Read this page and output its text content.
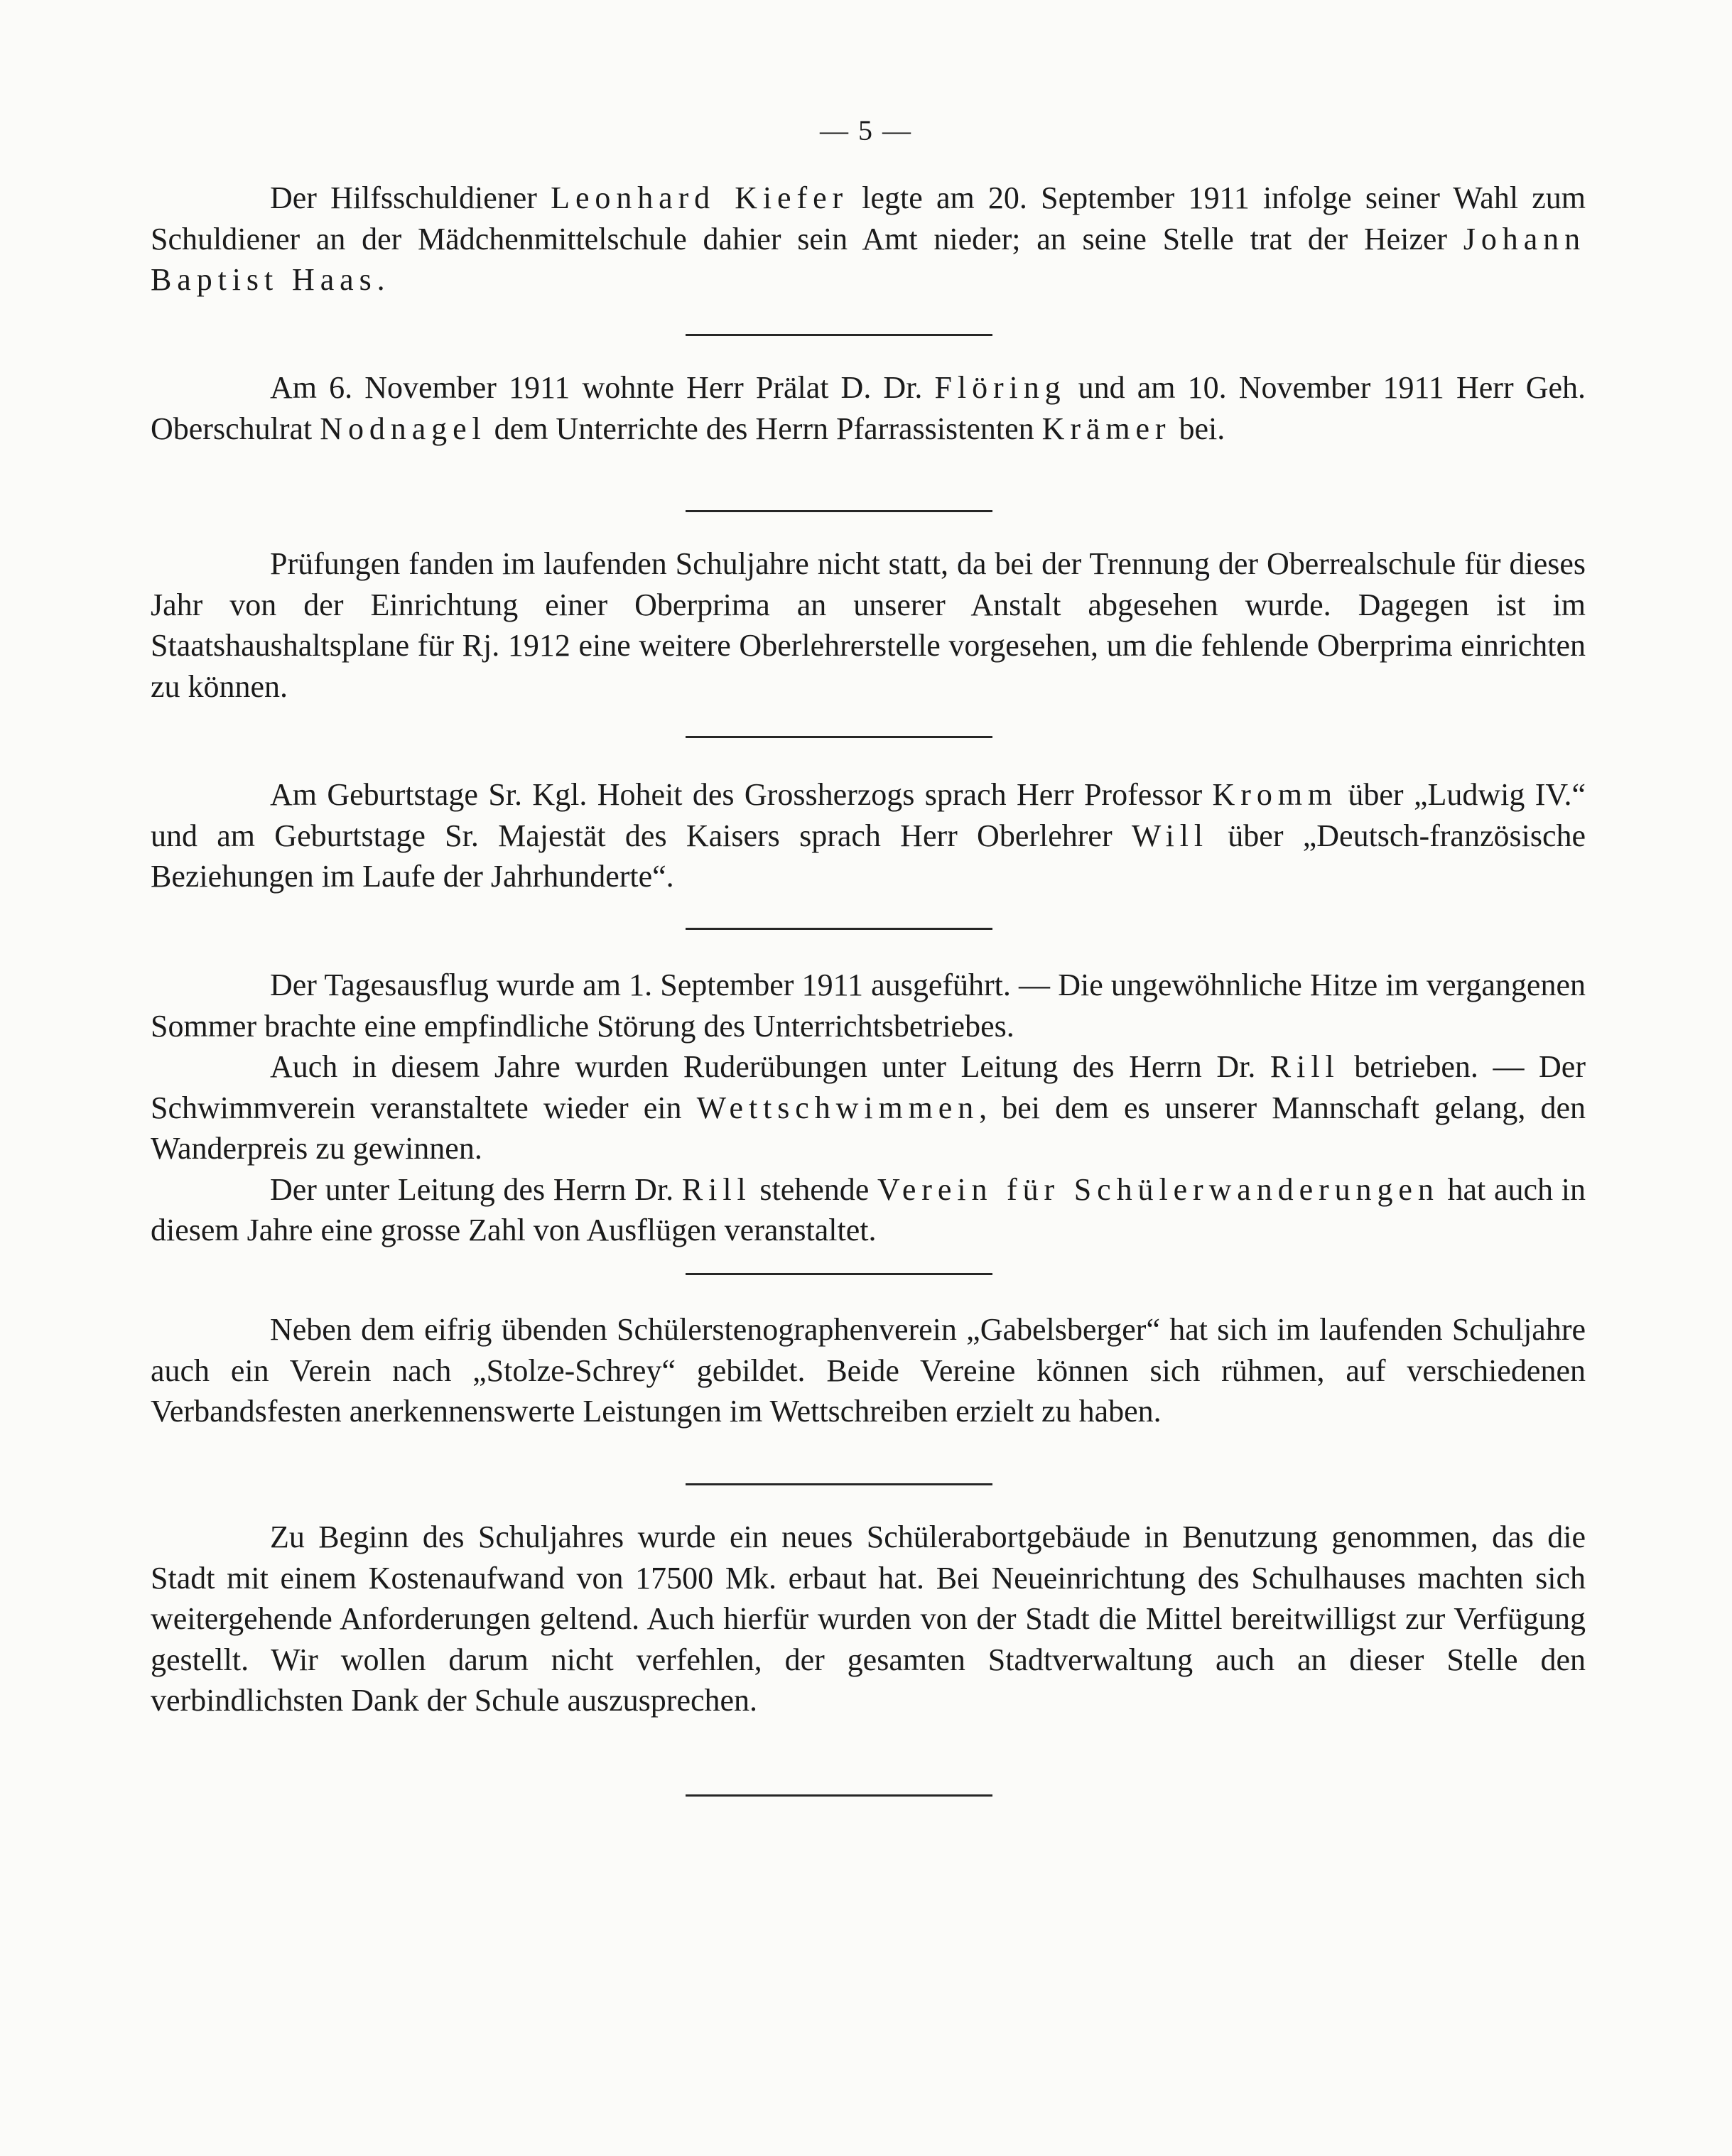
— 5 —

Der Hilfsschuldiener Leonhard Kiefer legte am 20. September 1911 infolge seiner Wahl zum Schuldiener an der Mädchenmittelschule dahier sein Amt nieder; an seine Stelle trat der Heizer Johann Baptist Haas.

Am 6. November 1911 wohnte Herr Prälat D. Dr. Flöring und am 10. November 1911 Herr Geh. Oberschulrat Nodnagel dem Unterrichte des Herrn Pfarrassistenten Krämer bei.

Prüfungen fanden im laufenden Schuljahre nicht statt, da bei der Trennung der Oberrealschule für dieses Jahr von der Einrichtung einer Oberprima an unserer Anstalt abgesehen wurde. Dagegen ist im Staatshaushaltsplane für Rj. 1912 eine weitere Oberlehrerstelle vorgesehen, um die fehlende Oberprima einrichten zu können.

Am Geburtstage Sr. Kgl. Hoheit des Grossherzogs sprach Herr Professor Kromm über „Ludwig IV.“ und am Geburtstage Sr. Majestät des Kaisers sprach Herr Oberlehrer Will über „Deutsch-französische Beziehungen im Laufe der Jahrhunderte“.

Der Tagesausflug wurde am 1. September 1911 ausgeführt. — Die ungewöhnliche Hitze im vergangenen Sommer brachte eine empfindliche Störung des Unterrichtsbetriebes.

Auch in diesem Jahre wurden Ruderübungen unter Leitung des Herrn Dr. Rill betrieben. — Der Schwimmverein veranstaltete wieder ein Wettschwimmen, bei dem es unserer Mannschaft gelang, den Wanderpreis zu gewinnen.

Der unter Leitung des Herrn Dr. Rill stehende Verein für Schülerwanderungen hat auch in diesem Jahre eine grosse Zahl von Ausflügen veranstaltet.

Neben dem eifrig übenden Schülerstenographenverein „Gabelsberger“ hat sich im laufenden Schuljahre auch ein Verein nach „Stolze-Schrey“ gebildet. Beide Vereine können sich rühmen, auf verschiedenen Verbandsfesten anerkennenswerte Leistungen im Wettschreiben erzielt zu haben.

Zu Beginn des Schuljahres wurde ein neues Schülerabortgebäude in Benutzung genommen, das die Stadt mit einem Kostenaufwand von 17500 Mk. erbaut hat. Bei Neueinrichtung des Schulhauses machten sich weitergehende Anforderungen geltend. Auch hierfür wurden von der Stadt die Mittel bereitwilligst zur Verfügung gestellt. Wir wollen darum nicht verfehlen, der gesamten Stadtverwaltung auch an dieser Stelle den verbindlichsten Dank der Schule auszusprechen.
